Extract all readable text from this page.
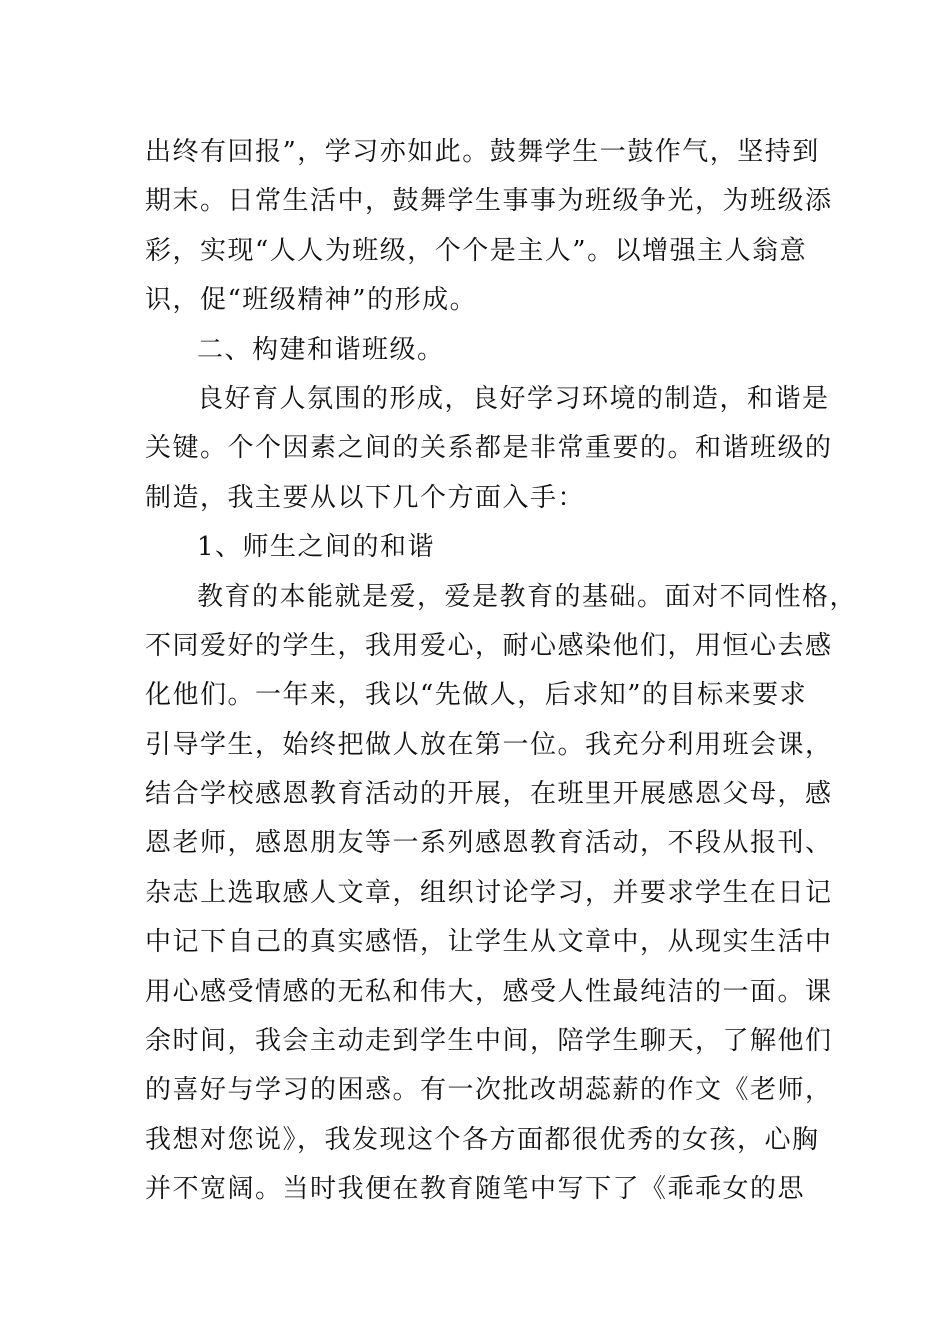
出终有回报”，学习亦如此。鼓舞学生一鼓作气，坚持到
期末。日常生活中，鼓舞学生事事为班级争光，为班级添
彩，实现“人人为班级，个个是主人”。以增强主人翁意
识，促“班级精神”的形成。
二、构建和谐班级。
良好育人氛围的形成，良好学习环境的制造，和谐是
关键。个个因素之间的关系都是非常重要的。和谐班级的
制造，我主要从以下几个方面入手：
1、师生之间的和谐
教育的本能就是爱，爱是教育的基础。面对不同性格，
不同爱好的学生，我用爱心，耐心感染他们，用恒心去感
化他们。一年来，我以“先做人，后求知”的目标来要求
引导学生，始终把做人放在第一位。我充分利用班会课，
结合学校感恩教育活动的开展，在班里开展感恩父母，感
恩老师，感恩朋友等一系列感恩教育活动，不段从报刊、
杂志上选取感人文章，组织讨论学习，并要求学生在日记
中记下自己的真实感悟，让学生从文章中，从现实生活中
用心感受情感的无私和伟大，感受人性最纯洁的一面。课
余时间，我会主动走到学生中间，陪学生聊天，了解他们
的喜好与学习的困惑。有一次批改胡蕊薪的作文《老师，
我想对您说》，我发现这个各方面都很优秀的女孩，心胸
并不宽阔。当时我便在教育随笔中写下了《乖乖女的思
